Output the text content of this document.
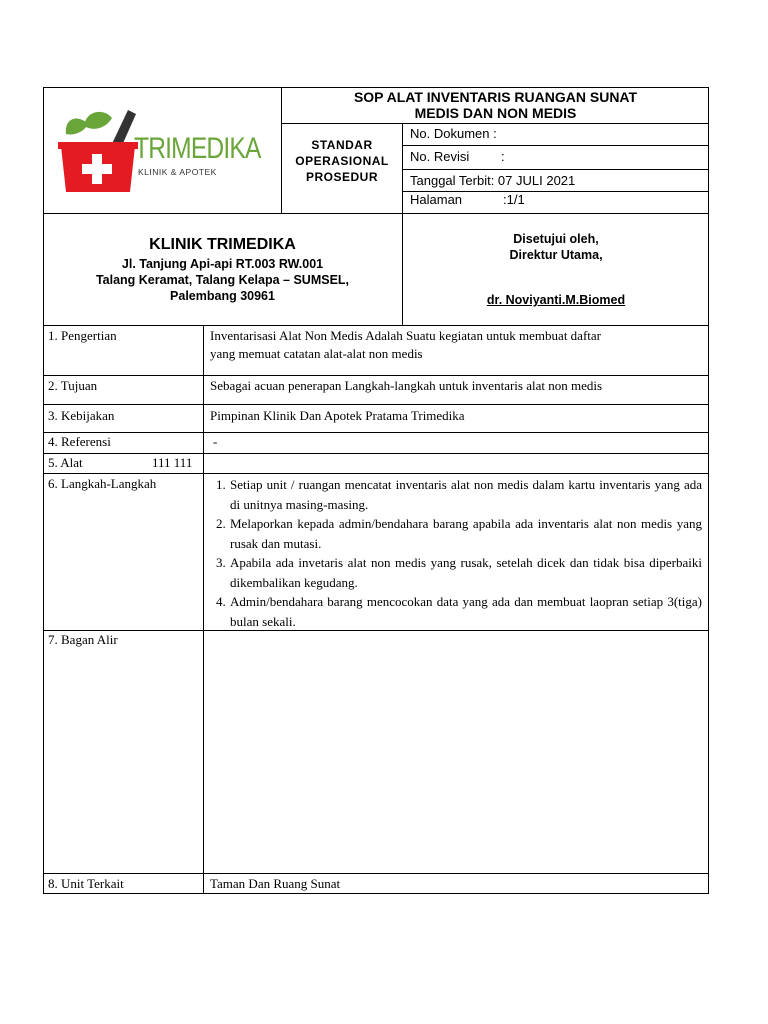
TRIMEDIKA
KLINIK & APOTEK
SOP ALAT INVENTARIS RUANGAN SUNAT
MEDIS DAN NON MEDIS
STANDAR
OPERASIONAL
PROSEDUR
No. Dokumen :
No. Revisi :
Tanggal Terbit: 07 JULI 2021
Halaman	:1/1
KLINIK TRIMEDIKA
Jl. Tanjung Api-api RT.003 RW.001
Talang Keramat, Talang Kelapa – SUMSEL,
Palembang 30961
Disetujui oleh,
Direktur Utama,
dr. Noviyanti.M.Biomed
1. Pengertian	Inventarisasi Alat Non Medis Adalah Suatu kegiatan untuk membuat daftar
yang memuat catatan alat-alat non medis
2. Tujuan	Sebagai acuan penerapan Langkah-langkah untuk inventaris alat non medis
3. Kebijakan	Pimpinan Klinik Dan Apotek Pratama Trimedika
4. Referensi	-
5. Alat	111 111
6. Langkah-Langkah	1. Setiap unit / ruangan mencatat inventaris alat non medis dalam kartu inventaris yang ada di unitnya masing-masing.
2. Melaporkan kepada admin/bendahara barang apabila ada inventaris alat non medis yang rusak dan mutasi.
3. Apabila ada invetaris alat non medis yang rusak, setelah dicek dan tidak bisa diperbaiki dikembalikan kegudang.
4. Admin/bendahara barang mencocokan data yang ada dan membuat laopran setiap 3(tiga) bulan sekali.
7. Bagan Alir
8. Unit Terkait	Taman Dan Ruang Sunat
